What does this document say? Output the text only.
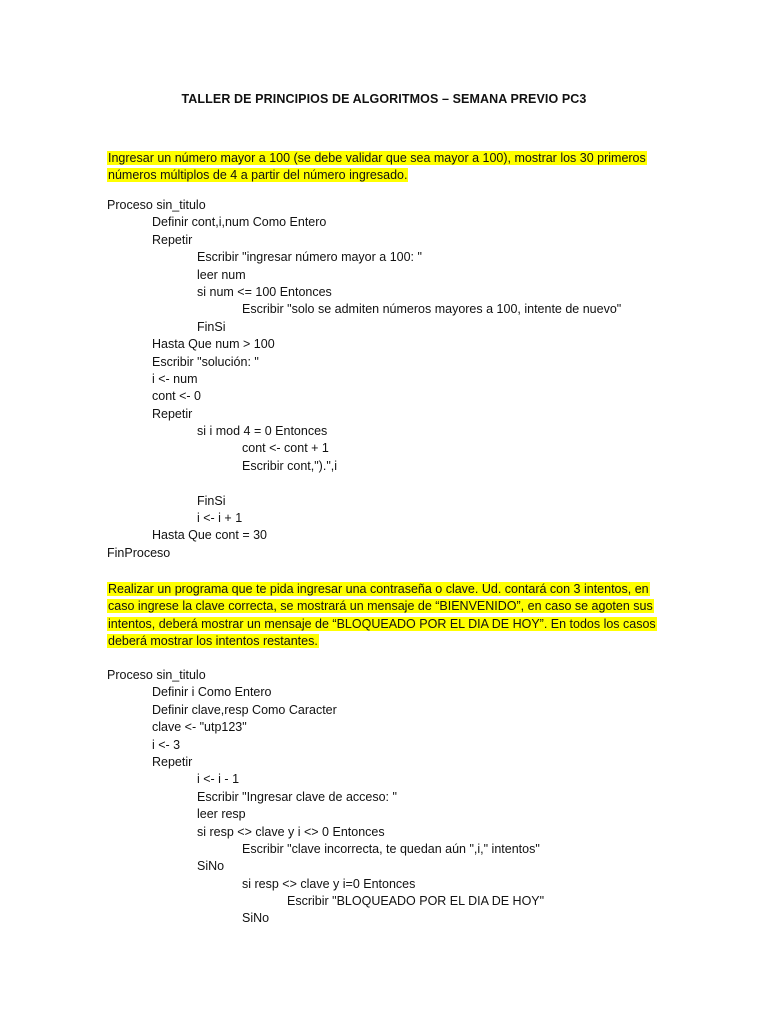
TALLER DE PRINCIPIOS DE ALGORITMOS – SEMANA PREVIO PC3
Ingresar un número mayor a 100 (se debe validar que sea mayor a 100), mostrar los 30 primeros
números múltiplos de 4 a partir del número ingresado.
Proceso sin_titulo
Definir cont,i,num Como Entero
Repetir
Escribir "ingresar número mayor a 100: "
leer num
si num <= 100 Entonces
Escribir "solo se admiten números mayores a 100, intente de nuevo"
FinSi
Hasta Que num > 100
Escribir "solución: "
i <- num
cont <- 0
Repetir
si i mod 4 = 0 Entonces
cont <- cont + 1
Escribir cont,").",i
FinSi
i <- i + 1
Hasta Que cont = 30
FinProceso
Realizar un programa que te pida ingresar una contraseña o clave. Ud. contará con 3 intentos, en
caso ingrese la clave correcta, se mostrará un mensaje de “BIENVENIDO”, en caso se agoten sus
intentos, deberá mostrar un mensaje de “BLOQUEADO POR EL DIA DE HOY”. En todos los casos
deberá mostrar los intentos restantes.
Proceso sin_titulo
Definir i Como Entero
Definir clave,resp Como Caracter
clave <- "utp123"
i <- 3
Repetir
i <- i - 1
Escribir "Ingresar clave de acceso: "
leer resp
si resp <> clave y i <> 0 Entonces
Escribir "clave incorrecta, te quedan aún ",i," intentos"
SiNo
si resp <> clave y i=0 Entonces
Escribir "BLOQUEADO POR EL DIA DE HOY"
SiNo
